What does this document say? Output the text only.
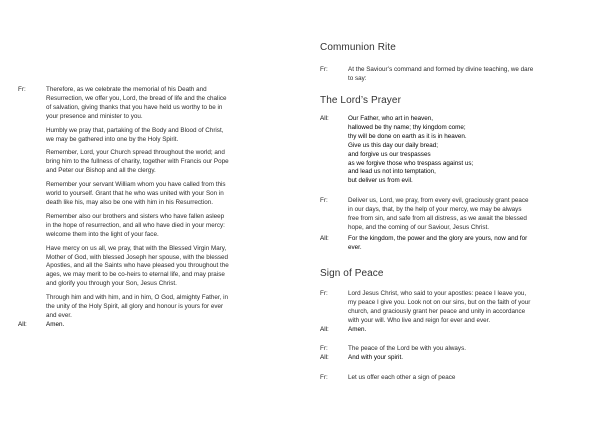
Fr:	Therefore, as we celebrate the memorial of his Death and
Resurrection, we offer you, Lord, the bread of life and the chalice
of salvation, giving thanks that you have held us worthy to be in
your presence and minister to you.
Humbly we pray that, partaking of the Body and Blood of Christ,
we may be gathered into one by the Holy Spirit.
Remember, Lord, your Church spread throughout the world; and
bring him to the fullness of charity, together with Francis our Pope
and Peter our Bishop and all the clergy.
Remember your servant William whom you have called from this
world to yourself. Grant that he who was united with your Son in
death like his, may also be one with him in his Resurrection.
Remember also our brothers and sisters who have fallen asleep
in the hope of resurrection, and all who have died in your mercy:
welcome them into the light of your face.
Have mercy on us all, we pray, that with the Blessed Virgin Mary,
Mother of God, with blessed Joseph her spouse, with the blessed
Apostles, and all the Saints who have pleased you throughout the
ages, we may merit to be co-heirs to eternal life, and may praise
and glorify you through your Son, Jesus Christ.
Through him and with him, and in him, O God, almighty Father, in
the unity of the Holy Spirit, all glory and honour is yours for ever
and ever.
All:	Amen.
Communion Rite
Fr:	At the Saviour’s command and formed by divine teaching, we dare
to say:
The Lord’s Prayer
All:	Our Father, who art in heaven,
hallowed be thy name; thy kingdom come;
thy will be done on earth as it is in heaven.
Give us this day our daily bread;
and forgive us our trespasses
as we forgive those who trespass against us;
and lead us not into temptation,
but deliver us from evil.
Fr:	Deliver us, Lord, we pray, from every evil, graciously grant peace
in our days, that, by the help of your mercy, we may be always
free from sin, and safe from all distress, as we await the blessed
hope, and the coming of our Saviour, Jesus Christ.
All:	For the kingdom, the power and the glory are yours, now and for
ever.
Sign of Peace
Fr:	Lord Jesus Christ, who said to your apostles: peace I leave you,
my peace I give you. Look not on our sins, but on the faith of your
church, and graciously grant her peace and unity in accordance
with your will. Who live and reign for ever and ever.
All:	Amen.
Fr:	The peace of the Lord be with you always.
All:	And with your spirit.
Fr:	Let us offer each other a sign of peace
